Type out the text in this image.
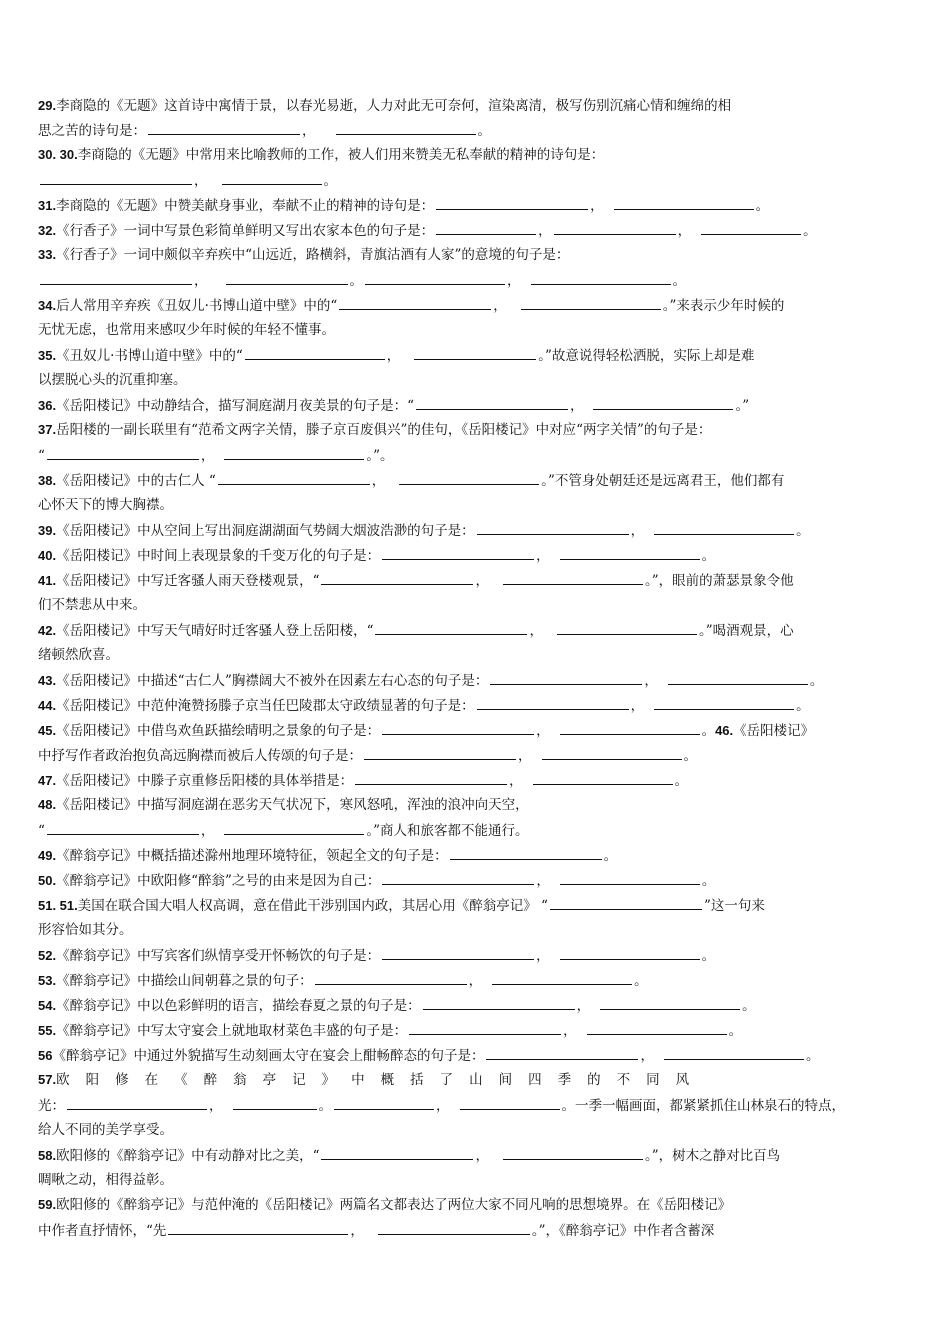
29.李商隐的《无题》这首诗中寓情于景，以春光易逝，人力对此无可奈何，渲染离清，极写伤别沉痛心情和缠绵的相
思之苦的诗句是：	，	。
30. 30.李商隐的《无题》中常用来比喻教师的工作，被人们用来赞美无私奉献的精神的诗句是：
，	。
31.李商隐的《无题》中赞美献身事业，奉献不止的精神的诗句是：	，	。
32.《行香子》一词中写景色彩简单鲜明又写出农家本色的句子是：	，	，	。
33.《行香子》一词中颇似辛弃疾中“山远近，路横斜，青旗沽酒有人家”的意境的句子是：
，	。	，	。
34.后人常用辛弃疾《丑奴儿·书博山道中壁》中的“	，	。”来表示少年时候的
无忧无虑，也常用来感叹少年时候的年轻不懂事。
35.《丑奴儿·书博山道中壁》中的“	，	。”故意说得轻松洒脱，实际上却是难
以摆脱心头的沉重抑塞。
36.《岳阳楼记》中动静结合，描写洞庭湖月夜美景的句子是：“	，	。”
37.岳阳楼的一副长联里有“范希文两字关情，滕子京百废俱兴”的佳句，《岳阳楼记》中对应“两字关情”的句子是：
“	，	。”。
38.《岳阳楼记》中的古仁人 “	，	。”不管身处朝廷还是远离君王，他们都有
心怀天下的博大胸襟。
39.《岳阳楼记》中从空间上写出洞庭湖湖面气势阔大烟波浩渺的句子是：	，	。
40.《岳阳楼记》中时间上表现景象的千变万化的句子是：	，	。
41.《岳阳楼记》中写迁客骚人雨天登楼观景，“	，	。”，眼前的萧瑟景象令他
们不禁悲从中来。
42.《岳阳楼记》中写天气晴好时迁客骚人登上岳阳楼，“	，	。”喝酒观景，心
绪顿然欣喜。
43.《岳阳楼记》中描述“古仁人”胸襟阔大不被外在因素左右心态的句子是：	，	。
44.《岳阳楼记》中范仲淹赞扬滕子京当任巴陵郡太守政绩显著的句子是：	，	。
45.《岳阳楼记》中借鸟欢鱼跃描绘晴明之景象的句子是：	，	。46.《岳阳楼记》
中抒写作者政治抱负高远胸襟而被后人传颂的句子是：	，	。
47.《岳阳楼记》中滕子京重修岳阳楼的具体举措是：	，	。
48.《岳阳楼记》中描写洞庭湖在恶劣天气状况下，寒风怒吼，浑浊的浪冲向天空，
“	，	。”商人和旅客都不能通行。
49.《醉翁亭记》中概括描述滁州地理环境特征，领起全文的句子是：	。
50.《醉翁亭记》中欧阳修“醉翁”之号的由来是因为自己：	，	。
51. 51.美国在联合国大唱人权高调，意在借此干涉别国内政，其居心用《醉翁亭记》 “	”这一句来
形容恰如其分。
52.《醉翁亭记》中写宾客们纵情享受开怀畅饮的句子是：	，	。
53.《醉翁亭记》中描绘山间朝暮之景的句子：	，	。
54.《醉翁亭记》中以色彩鲜明的语言，描绘春夏之景的句子是：	，	。
55.《醉翁亭记》中写太守宴会上就地取材菜色丰盛的句子是：	，	。
56《醉翁亭记》中通过外貌描写生动刻画太守在宴会上酣畅醉态的句子是：	，	。
57.欧阳修在《醉翁亭记》中概括了山间四季的不同风
光：	，	。	，	。一季一幅画面，都紧紧抓住山林泉石的特点，
给人不同的美学享受。
58.欧阳修的《醉翁亭记》中有动静对比之美，“	，	。”，树木之静对比百鸟
啁啾之动，相得益彰。
59.欧阳修的《醉翁亭记》与范仲淹的《岳阳楼记》两篇名文都表达了两位大家不同凡响的思想境界。在《岳阳楼记》
中作者直抒情怀，“先	，	。”，《醉翁亭记》中作者含蓄深
